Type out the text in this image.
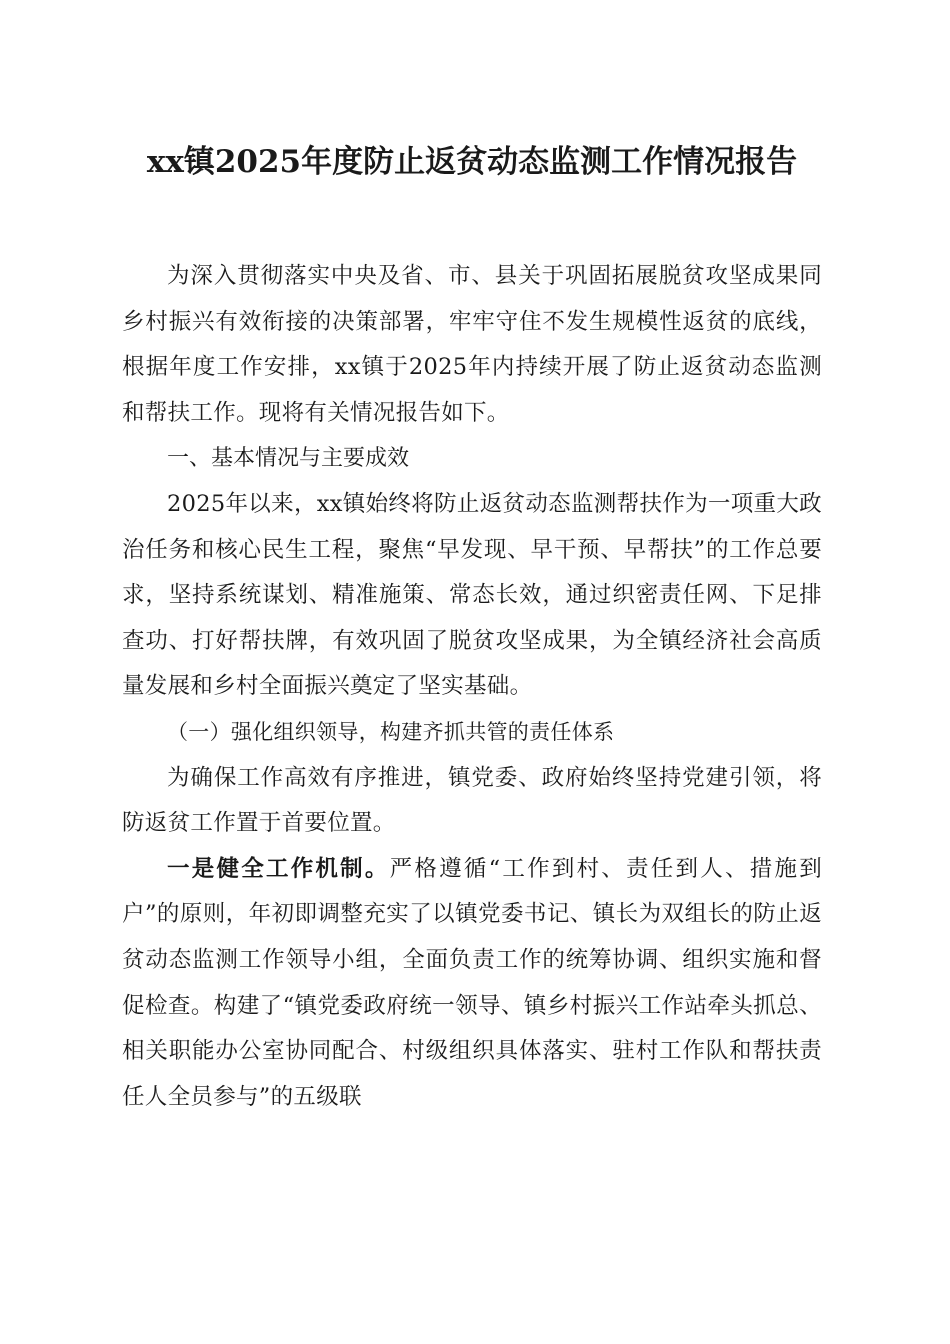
xx镇2025年度防止返贫动态监测工作情况报告

为深入贯彻落实中央及省、市、县关于巩固拓展脱贫攻坚成果同乡村振兴有效衔接的决策部署，牢牢守住不发生规模性返贫的底线，根据年度工作安排，xx镇于2025年内持续开展了防止返贫动态监测和帮扶工作。现将有关情况报告如下。

一、基本情况与主要成效

2025年以来，xx镇始终将防止返贫动态监测帮扶作为一项重大政治任务和核心民生工程，聚焦“早发现、早干预、早帮扶”的工作总要求，坚持系统谋划、精准施策、常态长效，通过织密责任网、下足排查功、打好帮扶牌，有效巩固了脱贫攻坚成果，为全镇经济社会高质量发展和乡村全面振兴奠定了坚实基础。

（一）强化组织领导，构建齐抓共管的责任体系

为确保工作高效有序推进，镇党委、政府始终坚持党建引领，将防返贫工作置于首要位置。

一是健全工作机制。严格遵循“工作到村、责任到人、措施到户”的原则，年初即调整充实了以镇党委书记、镇长为双组长的防止返贫动态监测工作领导小组，全面负责工作的统筹协调、组织实施和督促检查。构建了“镇党委政府统一领导、镇乡村振兴工作站牵头抓总、相关职能办公室协同配合、村级组织具体落实、驻村工作队和帮扶责任人全员参与”的五级联
